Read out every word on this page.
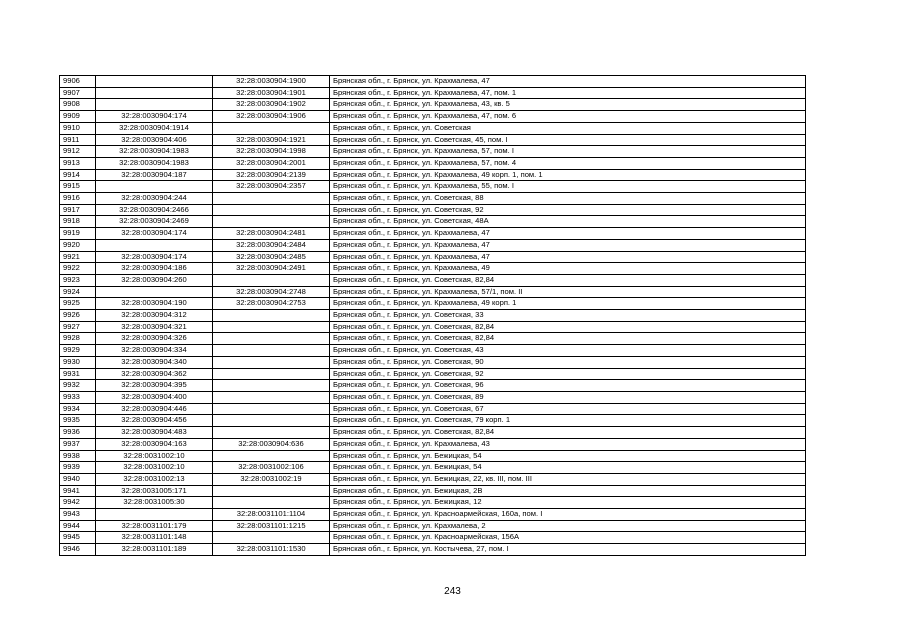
9906		32:28:0030904:1900	Брянская обл., г. Брянск, ул. Крахмалева, 47
9907		32:28:0030904:1901	Брянская обл., г. Брянск, ул. Крахмалева, 47, пом. 1
9908		32:28:0030904:1902	Брянская обл., г. Брянск, ул. Крахмалева, 43, кв. 5
9909	32:28:0030904:174	32:28:0030904:1906	Брянская обл., г. Брянск, ул. Крахмалева, 47, пом. 6
9910	32:28:0030904:1914		Брянская обл., г. Брянск, ул. Советская
9911	32:28:0030904:406	32:28:0030904:1921	Брянская обл., г. Брянск, ул. Советская, 45, пом. I
9912	32:28:0030904:1983	32:28:0030904:1998	Брянская обл., г. Брянск, ул. Крахмалева, 57, пом. I
9913	32:28:0030904:1983	32:28:0030904:2001	Брянская обл., г. Брянск, ул. Крахмалева, 57, пом. 4
9914	32:28:0030904:187	32:28:0030904:2139	Брянская обл., г. Брянск, ул. Крахмалева, 49 корп. 1, пом. 1
9915		32:28:0030904:2357	Брянская обл., г. Брянск, ул. Крахмалева, 55, пом. I
9916	32:28:0030904:244		Брянская обл., г. Брянск, ул. Советская, 88
9917	32:28:0030904:2466		Брянская обл., г. Брянск, ул. Советская, 92
9918	32:28:0030904:2469		Брянская обл., г. Брянск, ул. Советская, 48А
9919	32:28:0030904:174	32:28:0030904:2481	Брянская обл., г. Брянск, ул. Крахмалева, 47
9920		32:28:0030904:2484	Брянская обл., г. Брянск, ул. Крахмалева, 47
9921	32:28:0030904:174	32:28:0030904:2485	Брянская обл., г. Брянск, ул. Крахмалева, 47
9922	32:28:0030904:186	32:28:0030904:2491	Брянская обл., г. Брянск, ул. Крахмалева, 49
9923	32:28:0030904:260		Брянская обл., г. Брянск, ул. Советская, 82,84
9924		32:28:0030904:2748	Брянская обл., г. Брянск, ул. Крахмалева, 57/1, пом. II
9925	32:28:0030904:190	32:28:0030904:2753	Брянская обл., г. Брянск, ул. Крахмалева, 49 корп. 1
9926	32:28:0030904:312		Брянская обл., г. Брянск, ул. Советская, 33
9927	32:28:0030904:321		Брянская обл., г. Брянск, ул. Советская, 82,84
9928	32:28:0030904:326		Брянская обл., г. Брянск, ул. Советская, 82,84
9929	32:28:0030904:334		Брянская обл., г. Брянск, ул. Советская, 43
9930	32:28:0030904:340		Брянская обл., г. Брянск, ул. Советская, 90
9931	32:28:0030904:362		Брянская обл., г. Брянск, ул. Советская, 92
9932	32:28:0030904:395		Брянская обл., г. Брянск, ул. Советская, 96
9933	32:28:0030904:400		Брянская обл., г. Брянск, ул. Советская, 89
9934	32:28:0030904:446		Брянская обл., г. Брянск, ул. Советская, 67
9935	32:28:0030904:456		Брянская обл., г. Брянск, ул. Советская, 79 корп. 1
9936	32:28:0030904:483		Брянская обл., г. Брянск, ул. Советская, 82,84
9937	32:28:0030904:163	32:28:0030904:636	Брянская обл., г. Брянск, ул. Крахмалева, 43
9938	32:28:0031002:10		Брянская обл., г. Брянск, ул. Бежицкая, 54
9939	32:28:0031002:10	32:28:0031002:106	Брянская обл., г. Брянск, ул. Бежицкая, 54
9940	32:28:0031002:13	32:28:0031002:19	Брянская обл., г. Брянск, ул. Бежицкая, 22, кв. III, пом. III
9941	32:28:0031005:171		Брянская обл., г. Брянск, ул. Бежицкая, 2В
9942	32:28:0031005:30		Брянская обл., г. Брянск, ул. Бежицкая, 12
9943		32:28:0031101:1104	Брянская обл., г. Брянск, ул. Красноармейская, 160а, пом. I
9944	32:28:0031101:179	32:28:0031101:1215	Брянская обл., г. Брянск, ул. Крахмалева, 2
9945	32:28:0031101:148		Брянская обл., г. Брянск, ул. Красноармейская, 156А
9946	32:28:0031101:189	32:28:0031101:1530	Брянская обл., г. Брянск, ул. Костычева, 27, пом. I
243
